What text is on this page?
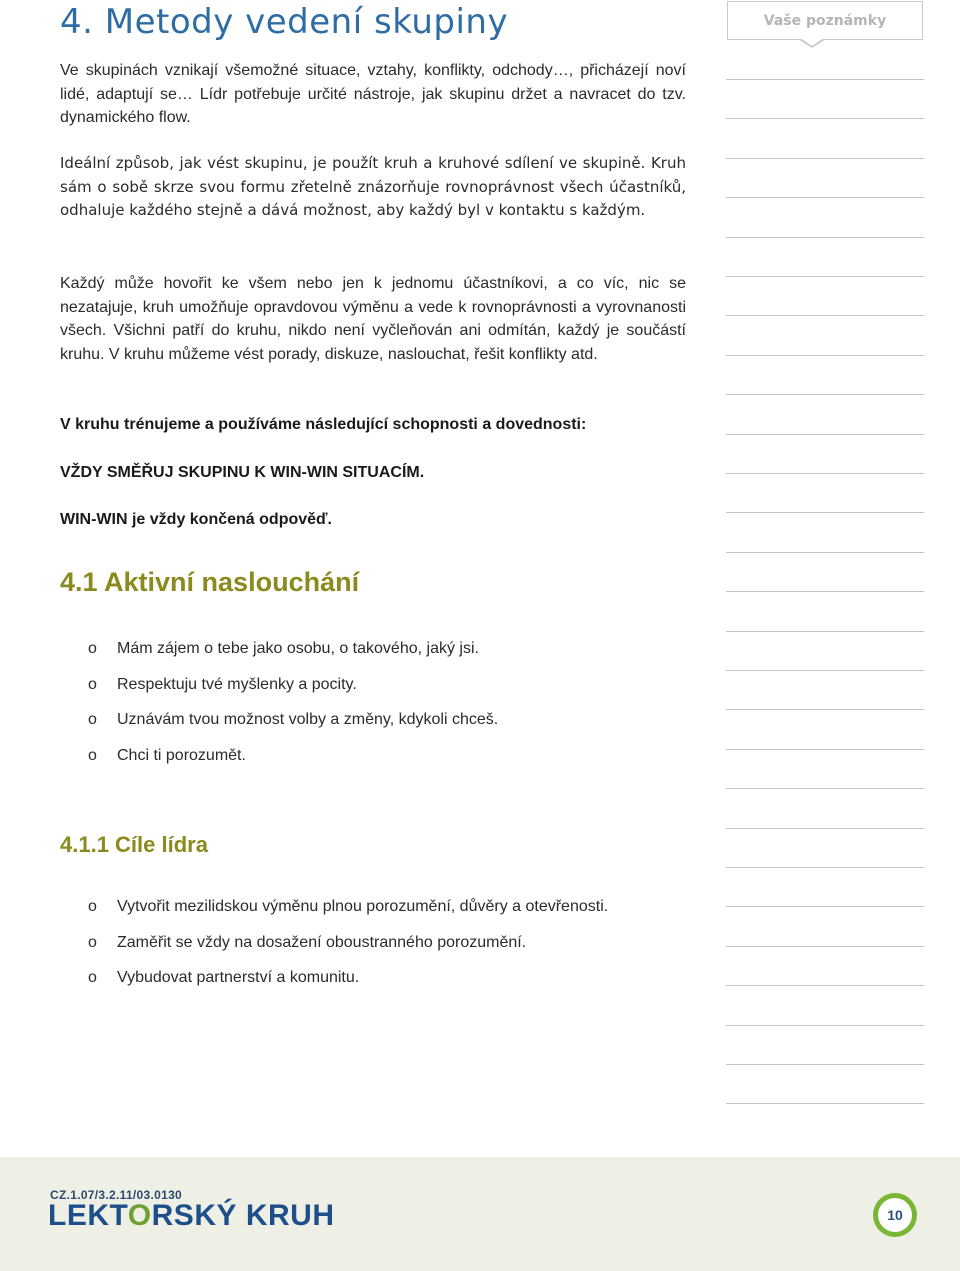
4. Metody vedení skupiny	Vaše poznámky

Ve skupinách vznikají všemožné situace, vztahy, konflikty, odchody…, přicházejí noví lidé, adaptují se… Lídr potřebuje určité nástroje, jak skupinu držet a navracet do tzv. dynamického flow.

Ideální způsob, jak vést skupinu, je použít kruh a kruhové sdílení ve skupině. Kruh sám o sobě skrze svou formu zřetelně znázorňuje rovnoprávnost všech účastníků, odhaluje každého stejně a dává možnost, aby každý byl v kontaktu s každým.

Každý může hovořit ke všem nebo jen k jednomu účastníkovi, a co víc, nic se nezatajuje, kruh umožňuje opravdovou výměnu a vede k rovnoprávnosti a vyrovnanosti všech. Všichni patří do kruhu, nikdo není vyčleňován ani odmítán, každý je součástí kruhu. V kruhu můžeme vést porady, diskuze, naslouchat, řešit konflikty atd.

V kruhu trénujeme a používáme následující schopnosti a dovednosti:

VŽDY SMĚŘUJ SKUPINU K WIN-WIN SITUACÍM.

WIN-WIN je vždy končená odpověď.

4.1 Aktivní naslouchání
o Mám zájem o tebe jako osobu, o takového, jaký jsi.
o Respektuju tvé myšlenky a pocity.
o Uznávám tvou možnost volby a změny, kdykoli chceš.
o Chci ti porozumět.
4.1.1 Cíle lídra
o Vytvořit mezilidskou výměnu plnou porozumění, důvěry a otevřenosti.
o Zaměřit se vždy na dosažení oboustranného porozumění.
o Vybudovat partnerství a komunitu.
CZ.1.07/3.2.11/03.0130
LEKTORSKÝ KRUH	10
